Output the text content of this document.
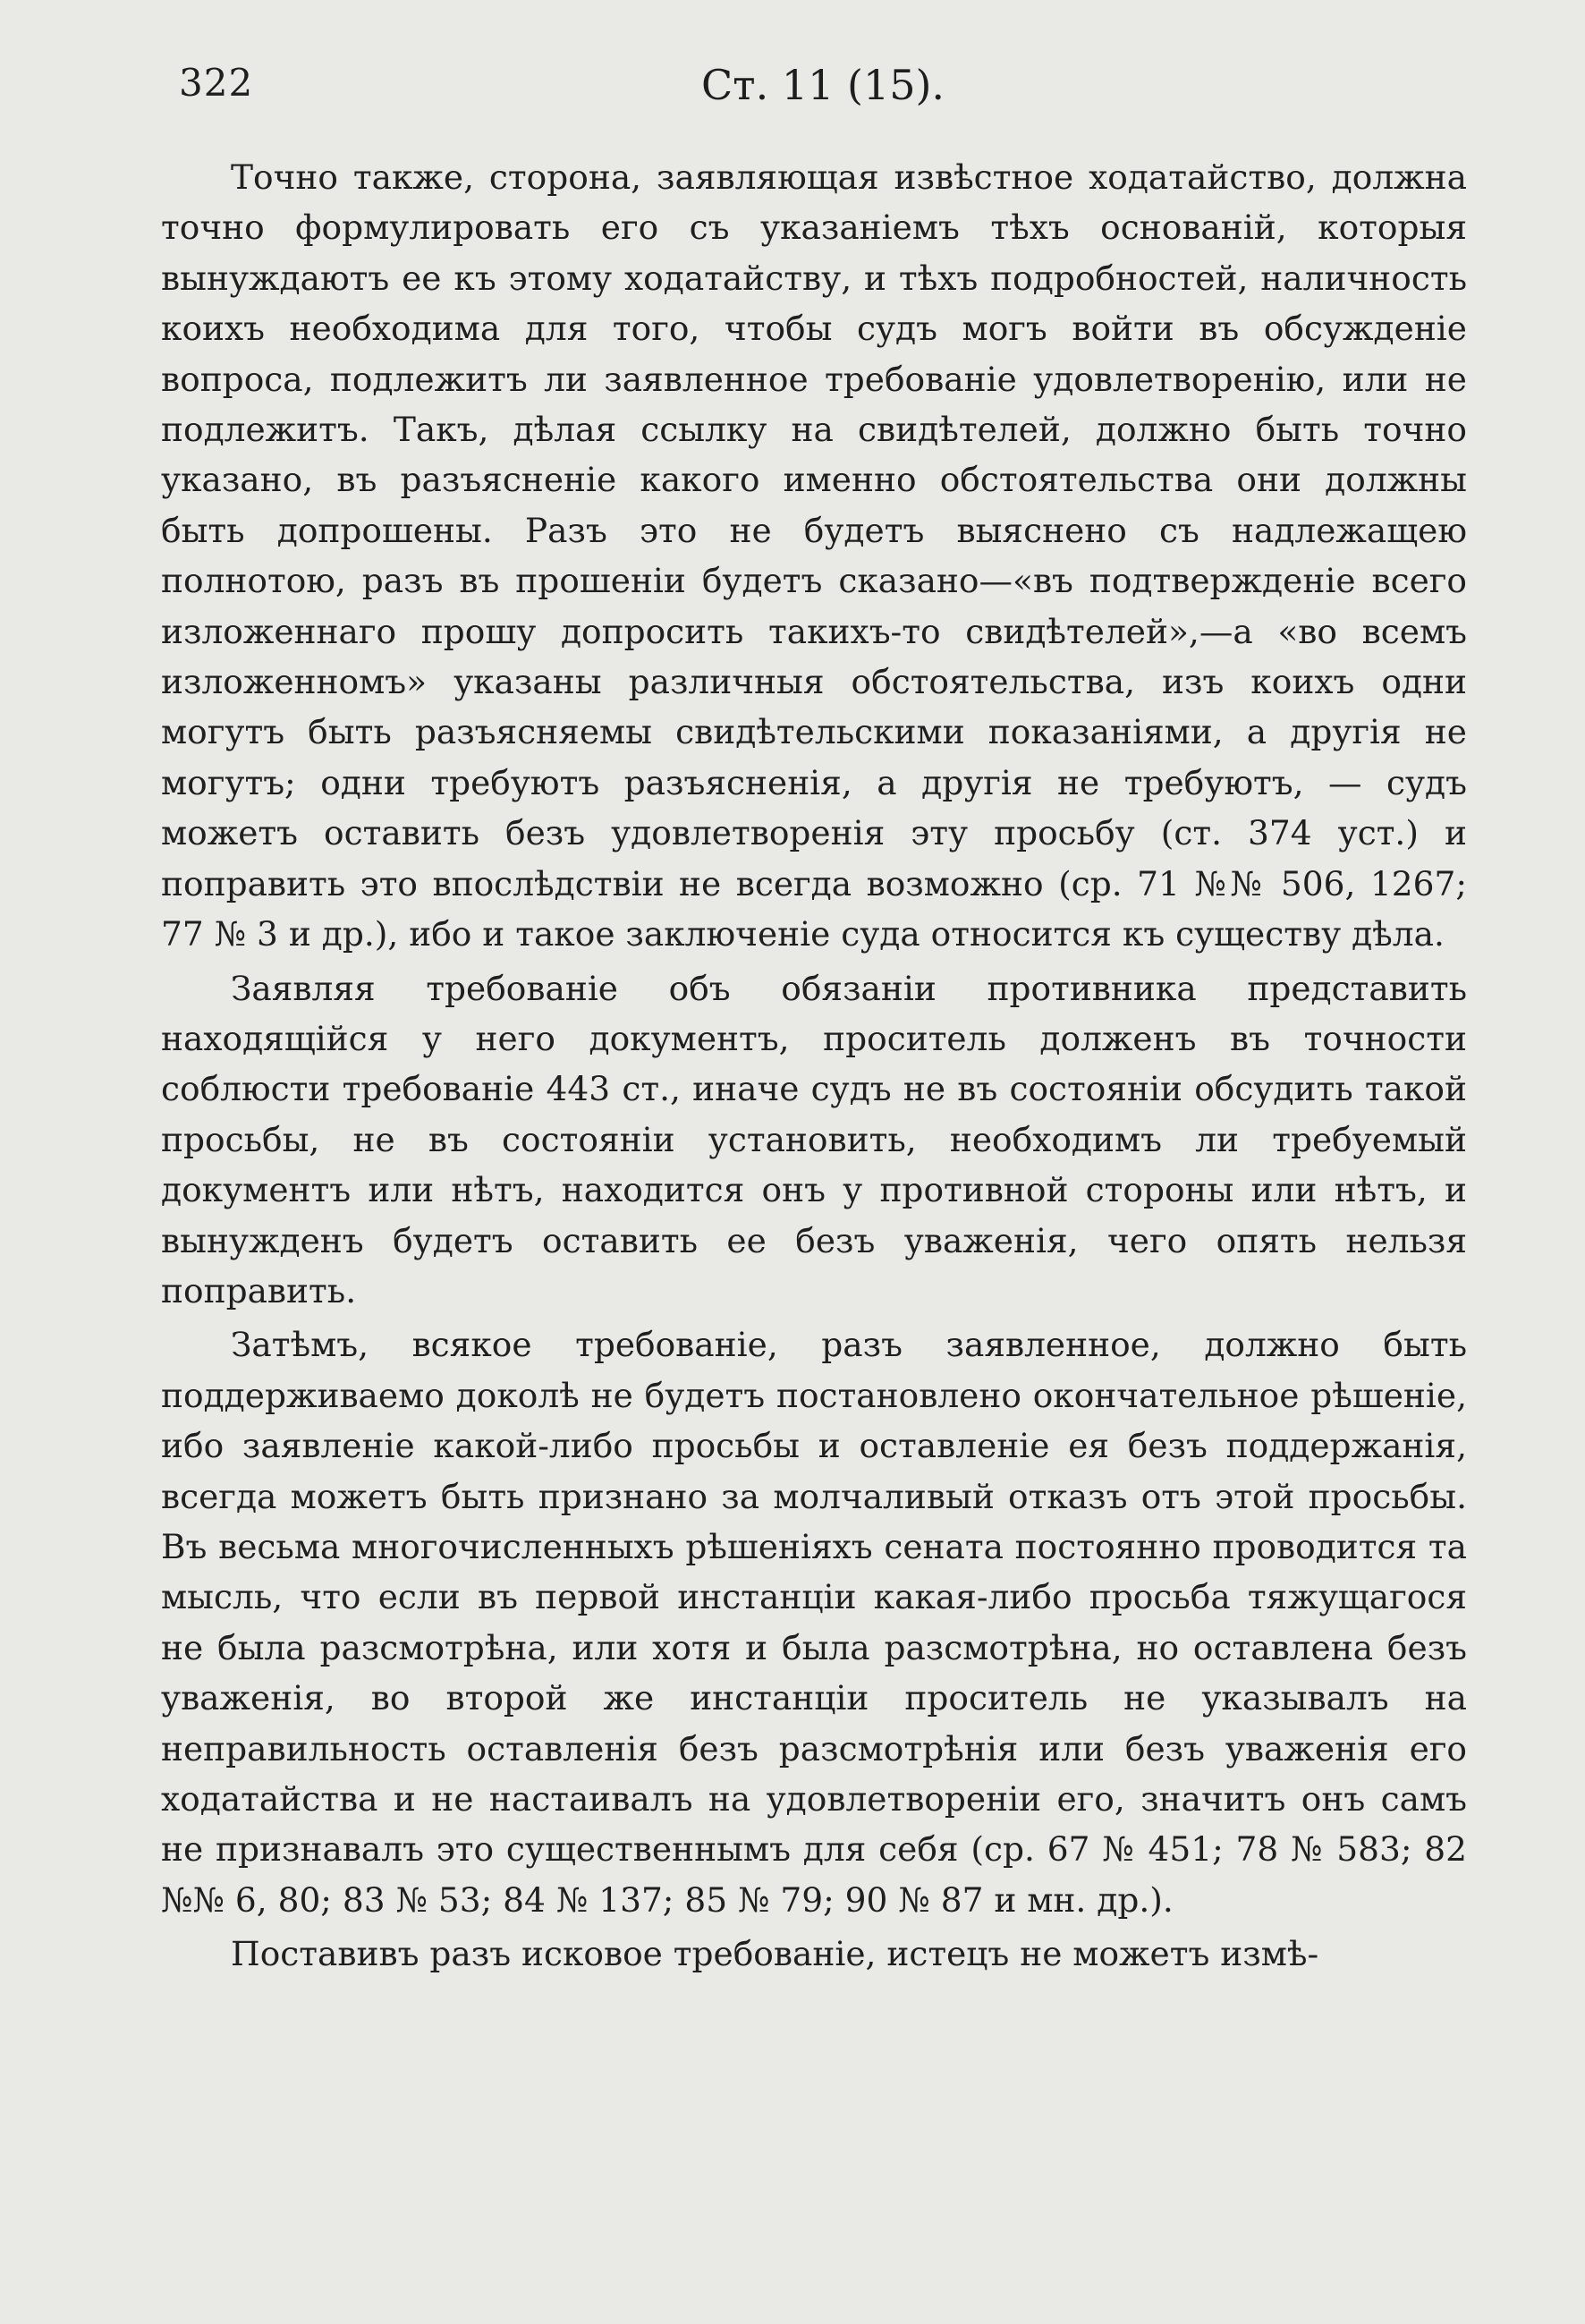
322	Ст. 11 (15).

Точно также, сторона, заявляющая извѣстное ходатайство, должна точно формулировать его съ указаніемъ тѣхъ основаній, которыя вынуждаютъ ее къ этому ходатайству, и тѣхъ подробностей, наличность коихъ необходима для того, чтобы судъ могъ войти въ обсужденіе вопроса, подлежитъ ли заявленное требованіе удовлетворенію, или не подлежитъ. Такъ, дѣлая ссылку на свидѣтелей, должно быть точно указано, въ разъясненіе какого именно обстоятельства они должны быть допрошены. Разъ это не будетъ выяснено съ надлежащею полнотою, разъ въ прошеніи будетъ сказано—«въ подтвержденіе всего изложеннаго прошу допросить такихъ-то свидѣтелей»,—а «во всемъ изложенномъ» указаны различныя обстоятельства, изъ коихъ одни могутъ быть разъясняемы свидѣтельскими показаніями, а другія не могутъ; одни требуютъ разъясненія, а другія не требуютъ, — судъ можетъ оставить безъ удовлетворенія эту просьбу (ст. 374 уст.) и поправить это впослѣдствіи не всегда возможно (ср. 71 №№ 506, 1267; 77 № 3 и др.), ибо и такое заключеніе суда относится къ существу дѣла.

Заявляя требованіе объ обязаніи противника представить находящійся у него документъ, проситель долженъ въ точности соблюсти требованіе 443 ст., иначе судъ не въ состояніи обсудить такой просьбы, не въ состояніи установить, необходимъ ли требуемый документъ или нѣтъ, находится онъ у противной стороны или нѣтъ, и вынужденъ будетъ оставить ее безъ уваженія, чего опять нельзя поправить.

Затѣмъ, всякое требованіе, разъ заявленное, должно быть поддерживаемо доколѣ не будетъ постановлено окончательное рѣшеніе, ибо заявленіе какой-либо просьбы и оставленіе ея безъ поддержанія, всегда можетъ быть признано за молчаливый отказъ отъ этой просьбы. Въ весьма многочисленныхъ рѣшеніяхъ сената постоянно проводится та мысль, что если въ первой инстанціи какая-либо просьба тяжущагося не была разсмотрѣна, или хотя и была разсмотрѣна, но оставлена безъ уваженія, во второй же инстанціи проситель не указывалъ на неправильность оставленія безъ разсмотрѣнія или безъ уваженія его ходатайства и не настаивалъ на удовлетвореніи его, значитъ онъ самъ не признавалъ это существеннымъ для себя (ср. 67 № 451; 78 № 583; 82 №№ 6, 80; 83 № 53; 84 № 137; 85 № 79; 90 № 87 и мн. др.).

Поставивъ разъ исковое требованіе, истецъ не можетъ измѣ-
